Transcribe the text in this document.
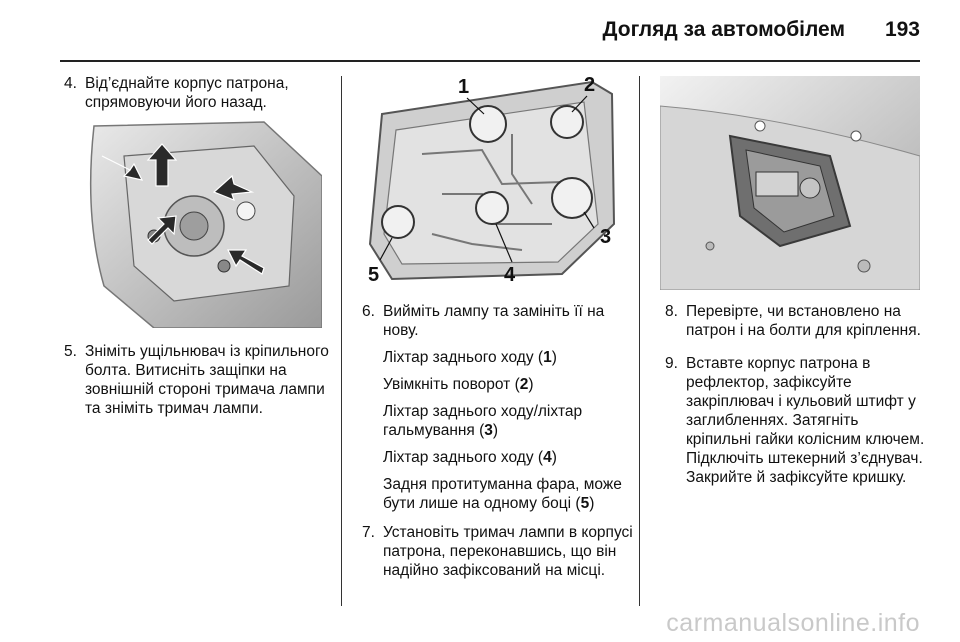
Догляд за автомобілем 193
4. Від’єднайте корпус патрона, спрямовуючи його назад.
5. Зніміть ущільнювач із кріпильного болта. Витисніть защіпки на зовнішній стороні тримача лампи та зніміть тримач лампи.
1	2
3
4
5
6. Вийміть лампу та замініть її на нову.
Ліхтар заднього ходу (1)
Увімкніть поворот (2)
Ліхтар заднього ходу/ліхтар гальмування (3)
Ліхтар заднього ходу (4)
Задня протитуманна фара, може бути лише на одному боці (5)
7. Установіть тримач лампи в корпусі патрона, переконавшись, що він надійно зафіксований на місці.
8. Перевірте, чи встановлено на патрон і на болти для кріплення.
9. Вставте корпус патрона в рефлектор, зафіксуйте закріплювач і кульовий штифт у заглибленнях. Затягніть кріпильні гайки колісним ключем. Підключіть штекерний з’єднувач. Закрийте й зафіксуйте кришку.
carmanualsonline.info
